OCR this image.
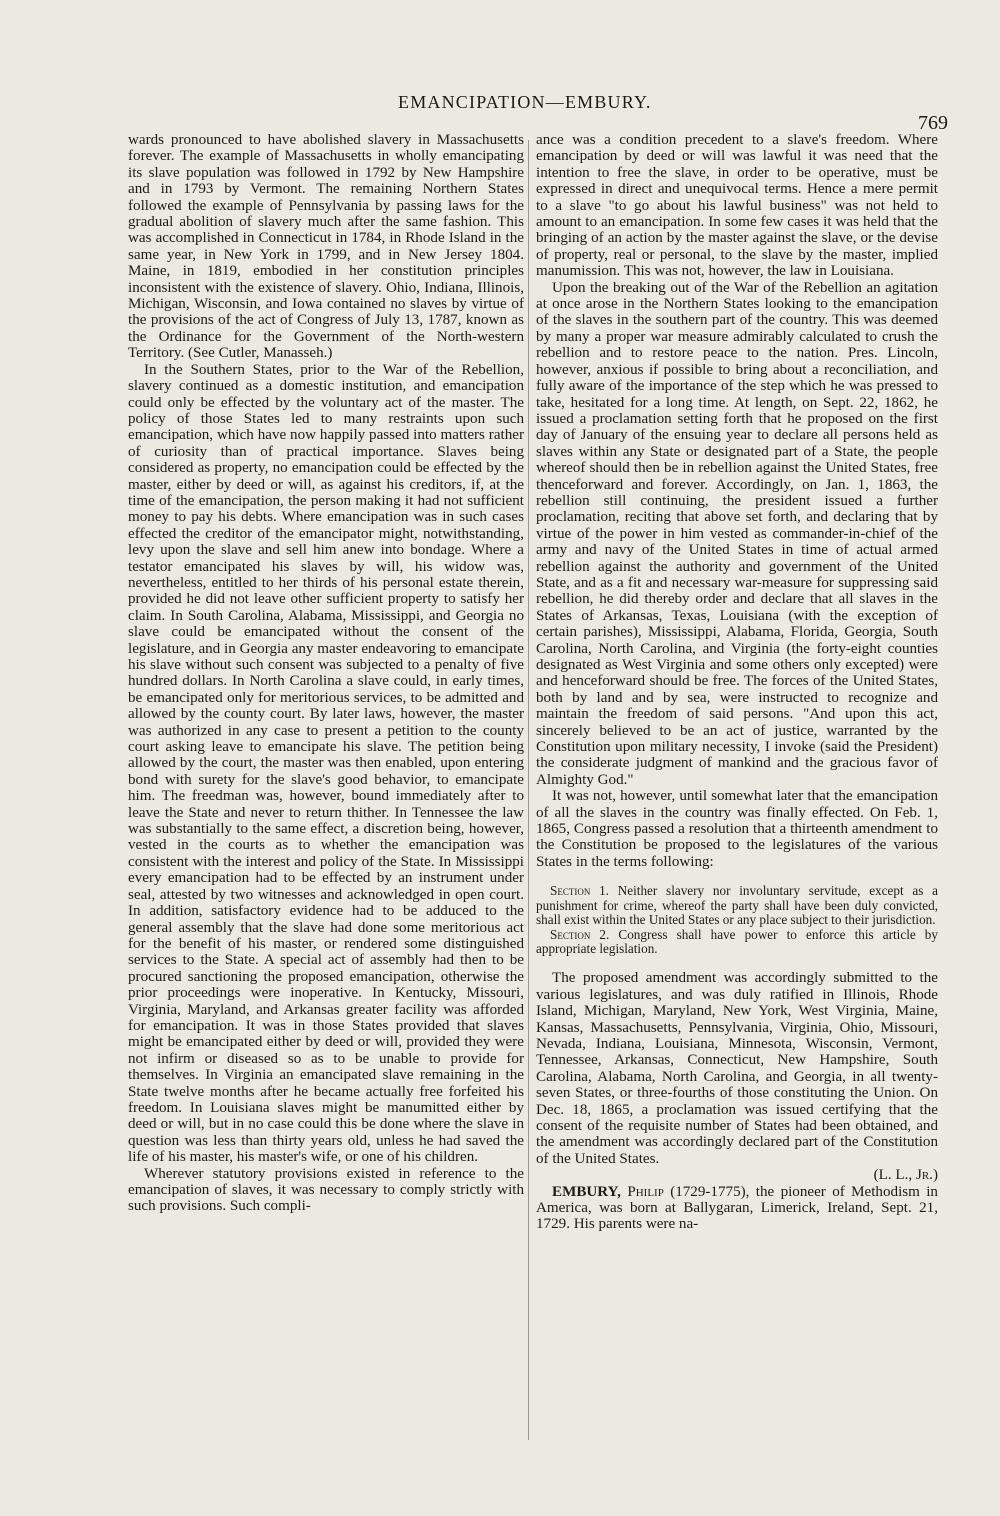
EMANCIPATION—EMBURY.
769

wards pronounced to have abolished slavery in Massachusetts forever. The example of Massachusetts in wholly emancipating its slave population was followed in 1792 by New Hampshire and in 1793 by Vermont. The remaining Northern States followed the example of Pennsylvania by passing laws for the gradual abolition of slavery much after the same fashion. This was accomplished in Connecticut in 1784, in Rhode Island in the same year, in New York in 1799, and in New Jersey 1804. Maine, in 1819, embodied in her constitution principles inconsistent with the existence of slavery. Ohio, Indiana, Illinois, Michigan, Wisconsin, and Iowa contained no slaves by virtue of the provisions of the act of Congress of July 13, 1787, known as the Ordinance for the Government of the North-western Territory. (See Cutler, Manasseh.)

In the Southern States, prior to the War of the Rebellion, slavery continued as a domestic institution, and emancipation could only be effected by the voluntary act of the master. The policy of those States led to many restraints upon such emancipation, which have now happily passed into matters rather of curiosity than of practical importance. Slaves being considered as property, no emancipation could be effected by the master, either by deed or will, as against his creditors, if, at the time of the emancipation, the person making it had not sufficient money to pay his debts. Where emancipation was in such cases effected the creditor of the emancipator might, notwithstanding, levy upon the slave and sell him anew into bondage. Where a testator emancipated his slaves by will, his widow was, nevertheless, entitled to her thirds of his personal estate therein, provided he did not leave other sufficient property to satisfy her claim. In South Carolina, Alabama, Mississippi, and Georgia no slave could be emancipated without the consent of the legislature, and in Georgia any master endeavoring to emancipate his slave without such consent was subjected to a penalty of five hundred dollars. In North Carolina a slave could, in early times, be emancipated only for meritorious services, to be admitted and allowed by the county court. By later laws, however, the master was authorized in any case to present a petition to the county court asking leave to emancipate his slave. The petition being allowed by the court, the master was then enabled, upon entering bond with surety for the slave's good behavior, to emancipate him. The freedman was, however, bound immediately after to leave the State and never to return thither. In Tennessee the law was substantially to the same effect, a discretion being, however, vested in the courts as to whether the emancipation was consistent with the interest and policy of the State. In Mississippi every emancipation had to be effected by an instrument under seal, attested by two witnesses and acknowledged in open court. In addition, satisfactory evidence had to be adduced to the general assembly that the slave had done some meritorious act for the benefit of his master, or rendered some distinguished services to the State. A special act of assembly had then to be procured sanctioning the proposed emancipation, otherwise the prior proceedings were inoperative. In Kentucky, Missouri, Virginia, Maryland, and Arkansas greater facility was afforded for emancipation. It was in those States provided that slaves might be emancipated either by deed or will, provided they were not infirm or diseased so as to be unable to provide for themselves. In Virginia an emancipated slave remaining in the State twelve months after he became actually free forfeited his freedom. In Louisiana slaves might be manumitted either by deed or will, but in no case could this be done where the slave in question was less than thirty years old, unless he had saved the life of his master, his master's wife, or one of his children.

Wherever statutory provisions existed in reference to the emancipation of slaves, it was necessary to comply strictly with such provisions. Such compli-

ance was a condition precedent to a slave's freedom. Where emancipation by deed or will was lawful it was need that the intention to free the slave, in order to be operative, must be expressed in direct and unequivocal terms. Hence a mere permit to a slave "to go about his lawful business" was not held to amount to an emancipation. In some few cases it was held that the bringing of an action by the master against the slave, or the devise of property, real or personal, to the slave by the master, implied manumission. This was not, however, the law in Louisiana.

Upon the breaking out of the War of the Rebellion an agitation at once arose in the Northern States looking to the emancipation of the slaves in the southern part of the country. This was deemed by many a proper war measure admirably calculated to crush the rebellion and to restore peace to the nation. Pres. Lincoln, however, anxious if possible to bring about a reconciliation, and fully aware of the importance of the step which he was pressed to take, hesitated for a long time. At length, on Sept. 22, 1862, he issued a proclamation setting forth that he proposed on the first day of January of the ensuing year to declare all persons held as slaves within any State or designated part of a State, the people whereof should then be in rebellion against the United States, free thenceforward and forever. Accordingly, on Jan. 1, 1863, the rebellion still continuing, the president issued a further proclamation, reciting that above set forth, and declaring that by virtue of the power in him vested as commander-in-chief of the army and navy of the United States in time of actual armed rebellion against the authority and government of the United State, and as a fit and necessary war-measure for suppressing said rebellion, he did thereby order and declare that all slaves in the States of Arkansas, Texas, Louisiana (with the exception of certain parishes), Mississippi, Alabama, Florida, Georgia, South Carolina, North Carolina, and Virginia (the forty-eight counties designated as West Virginia and some others only excepted) were and henceforward should be free. The forces of the United States, both by land and by sea, were instructed to recognize and maintain the freedom of said persons. "And upon this act, sincerely believed to be an act of justice, warranted by the Constitution upon military necessity, I invoke (said the President) the considerate judgment of mankind and the gracious favor of Almighty God."

It was not, however, until somewhat later that the emancipation of all the slaves in the country was finally effected. On Feb. 1, 1865, Congress passed a resolution that a thirteenth amendment to the Constitution be proposed to the legislatures of the various States in the terms following:

Section 1. Neither slavery nor involuntary servitude, except as a punishment for crime, whereof the party shall have been duly convicted, shall exist within the United States or any place subject to their jurisdiction.

Section 2. Congress shall have power to enforce this article by appropriate legislation.

The proposed amendment was accordingly submitted to the various legislatures, and was duly ratified in Illinois, Rhode Island, Michigan, Maryland, New York, West Virginia, Maine, Kansas, Massachusetts, Pennsylvania, Virginia, Ohio, Missouri, Nevada, Indiana, Louisiana, Minnesota, Wisconsin, Vermont, Tennessee, Arkansas, Connecticut, New Hampshire, South Carolina, Alabama, North Carolina, and Georgia, in all twenty-seven States, or three-fourths of those constituting the Union. On Dec. 18, 1865, a proclamation was issued certifying that the consent of the requisite number of States had been obtained, and the amendment was accordingly declared part of the Constitution of the United States.

(L. L., Jr.)

EMBURY, Philip (1729-1775), the pioneer of Methodism in America, was born at Ballygaran, Limerick, Ireland, Sept. 21, 1729. His parents were na-
